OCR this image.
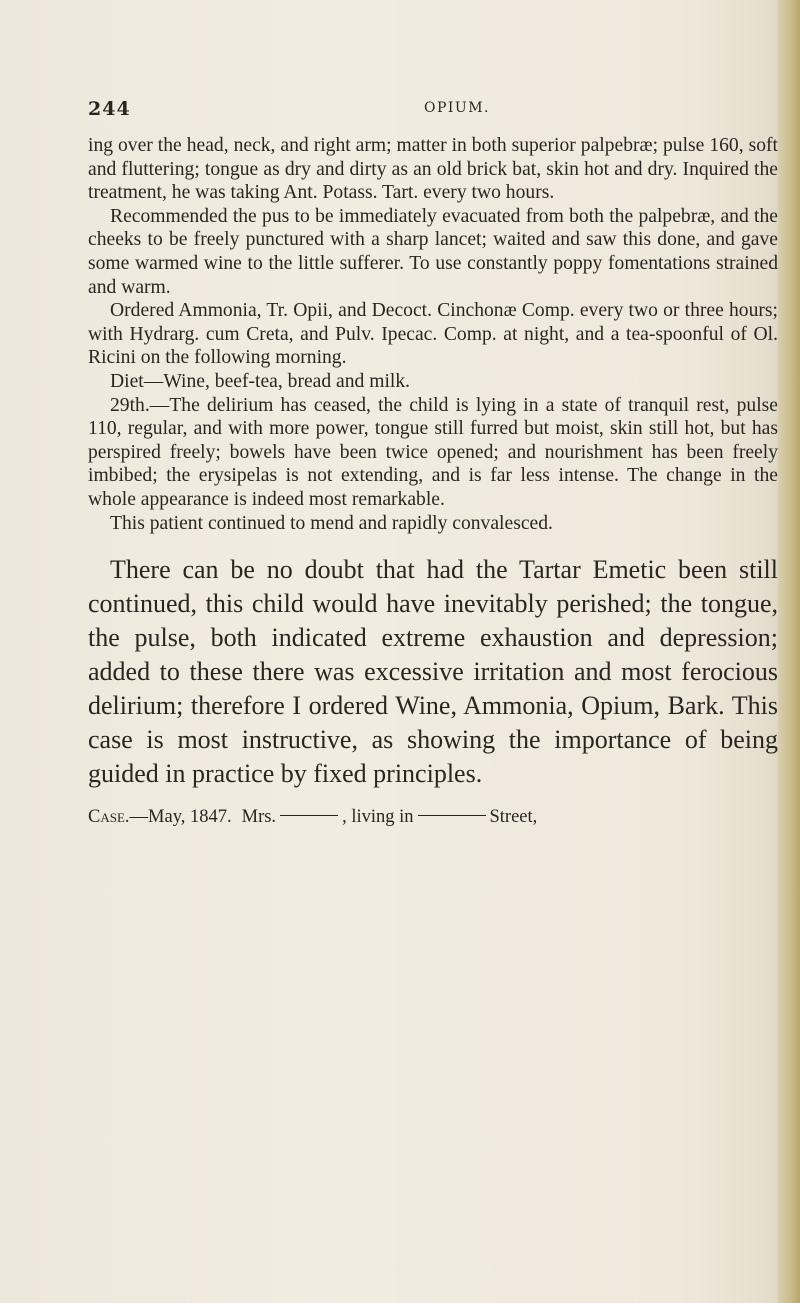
244	OPIUM.

ing over the head, neck, and right arm; matter in both superior palpebræ; pulse 160, soft and fluttering; tongue as dry and dirty as an old brick bat, skin hot and dry. Inquired the treatment, he was taking Ant. Potass. Tart. every two hours.

Recommended the pus to be immediately evacuated from both the palpebræ, and the cheeks to be freely punctured with a sharp lancet; waited and saw this done, and gave some warmed wine to the little sufferer. To use constantly poppy fomentations strained and warm.

Ordered Ammonia, Tr. Opii, and Decoct. Cinchonæ Comp. every two or three hours; with Hydrarg. cum Creta, and Pulv. Ipecac. Comp. at night, and a tea-spoonful of Ol. Ricini on the following morning.

Diet—Wine, beef-tea, bread and milk.

29th.—The delirium has ceased, the child is lying in a state of tranquil rest, pulse 110, regular, and with more power, tongue still furred but moist, skin still hot, but has perspired freely; bowels have been twice opened; and nourishment has been freely imbibed; the erysipelas is not extending, and is far less intense. The change in the whole appearance is indeed most remarkable.

This patient continued to mend and rapidly convalesced.

There can be no doubt that had the Tartar Emetic been still continued, this child would have inevitably perished; the tongue, the pulse, both indicated extreme exhaustion and depression; added to these there was excessive irritation and most ferocious delirium; therefore I ordered Wine, Ammonia, Opium, Bark. This case is most instructive, as showing the importance of being guided in practice by fixed principles.

Case. —May, 1847. Mrs.	, living in	Street,
